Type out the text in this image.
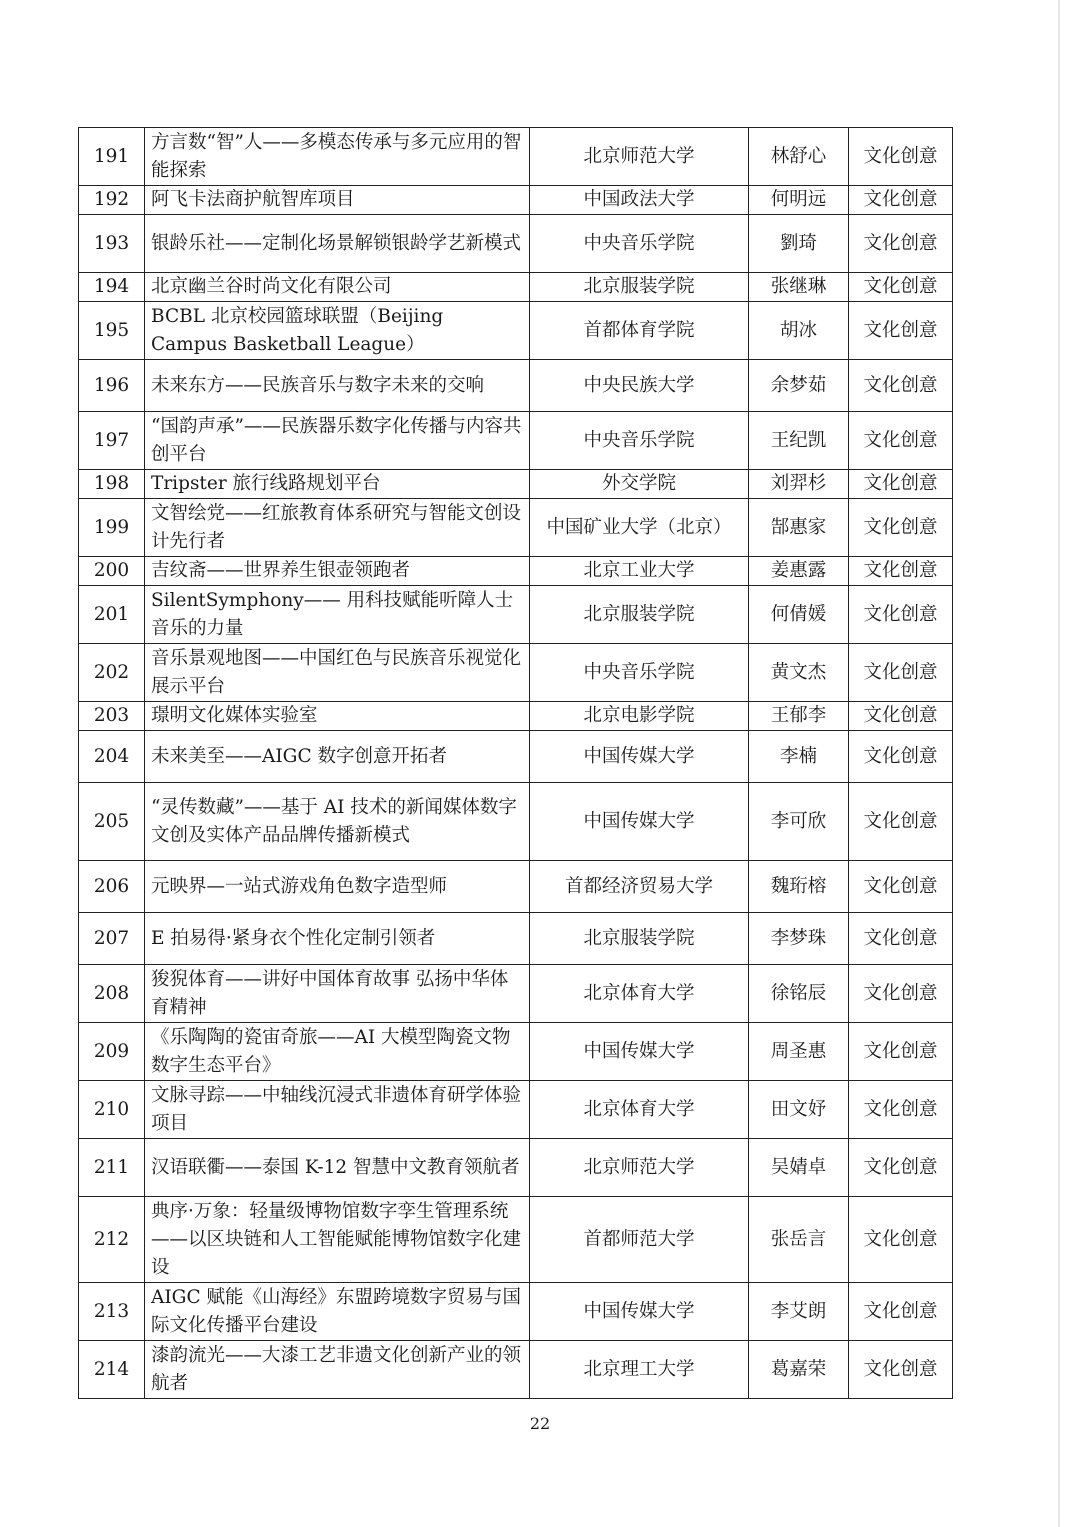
191	方言数“智”人——多模态传承与多元应用的智能探索	北京师范大学	林舒心	文化创意
192	阿飞卡法商护航智库项目	中国政法大学	何明远	文化创意
193	银龄乐社——定制化场景解锁银龄学艺新模式	中央音乐学院	劉琦	文化创意
194	北京幽兰谷时尚文化有限公司	北京服装学院	张继琳	文化创意
195	BCBL 北京校园篮球联盟（Beijing Campus Basketball League）	首都体育学院	胡冰	文化创意
196	未来东方——民族音乐与数字未来的交响	中央民族大学	余梦茹	文化创意
197	“国韵声承”——民族器乐数字化传播与内容共创平台	中央音乐学院	王纪凯	文化创意
198	Tripster 旅行线路规划平台	外交学院	刘羿杉	文化创意
199	文智绘党——红旅教育体系研究与智能文创设计先行者	中国矿业大学（北京）	郜惠家	文化创意
200	吉纹斋——世界养生银壶领跑者	北京工业大学	姜惠露	文化创意
201	SilentSymphony—— 用科技赋能听障人士音乐的力量	北京服装学院	何倩媛	文化创意
202	音乐景观地图——中国红色与民族音乐视觉化展示平台	中央音乐学院	黄文杰	文化创意
203	璟明文化媒体实验室	北京电影学院	王郁李	文化创意
204	未来美至——AIGC 数字创意开拓者	中国传媒大学	李楠	文化创意
205	“灵传数藏”——基于 AI 技术的新闻媒体数字文创及实体产品品牌传播新模式	中国传媒大学	李可欣	文化创意
206	元映界—一站式游戏角色数字造型师	首都经济贸易大学	魏珩榕	文化创意
207	E 拍易得·紧身衣个性化定制引领者	北京服装学院	李梦珠	文化创意
208	狻猊体育——讲好中国体育故事 弘扬中华体育精神	北京体育大学	徐铭辰	文化创意
209	《乐陶陶的瓷宙奇旅——AI 大模型陶瓷文物数字生态平台》	中国传媒大学	周圣惠	文化创意
210	文脉寻踪——中轴线沉浸式非遗体育研学体验项目	北京体育大学	田文妤	文化创意
211	汉语联衢——泰国 K-12 智慧中文教育领航者	北京师范大学	吴婧卓	文化创意
212	典序·万象：轻量级博物馆数字孪生管理系统——以区块链和人工智能赋能博物馆数字化建设	首都师范大学	张岳言	文化创意
213	AIGC 赋能《山海经》东盟跨境数字贸易与国际文化传播平台建设	中国传媒大学	李艾朗	文化创意
214	漆韵流光——大漆工艺非遗文化创新产业的领航者	北京理工大学	葛嘉荣	文化创意
22
